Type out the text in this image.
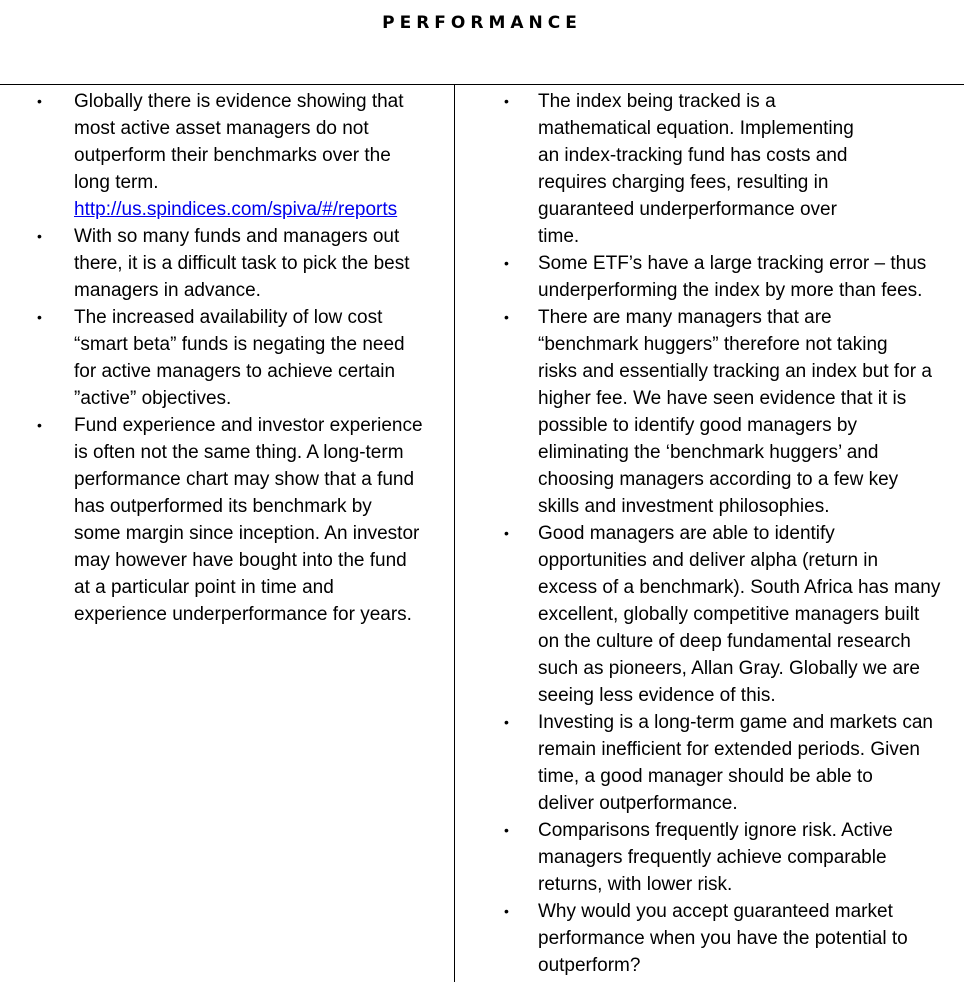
PERFORMANCE
• Globally there is evidence showing that
most active asset managers do not
outperform their benchmarks over the
long term.
http://us.spindices.com/spiva/#/reports
• With so many funds and managers out
there, it is a difficult task to pick the best
managers in advance.
• The increased availability of low cost
“smart beta” funds is negating the need
for active managers to achieve certain
”active” objectives.
• Fund experience and investor experience
is often not the same thing. A long-term
performance chart may show that a fund
has outperformed its benchmark by
some margin since inception. An investor
may however have bought into the fund
at a particular point in time and
experience underperformance for years.
• The index being tracked is a
mathematical equation. Implementing
an index-tracking fund has costs and
requires charging fees, resulting in
guaranteed underperformance over
time.
• Some ETF’s have a large tracking error – thus
underperforming the index by more than fees.
• There are many managers that are
“benchmark huggers” therefore not taking
risks and essentially tracking an index but for a
higher fee. We have seen evidence that it is
possible to identify good managers by
eliminating the ‘benchmark huggers’ and
choosing managers according to a few key
skills and investment philosophies.
• Good managers are able to identify
opportunities and deliver alpha (return in
excess of a benchmark). South Africa has many
excellent, globally competitive managers built
on the culture of deep fundamental research
such as pioneers, Allan Gray. Globally we are
seeing less evidence of this.
• Investing is a long-term game and markets can
remain inefficient for extended periods. Given
time, a good manager should be able to
deliver outperformance.
• Comparisons frequently ignore risk. Active
managers frequently achieve comparable
returns, with lower risk.
• Why would you accept guaranteed market
performance when you have the potential to
outperform?
